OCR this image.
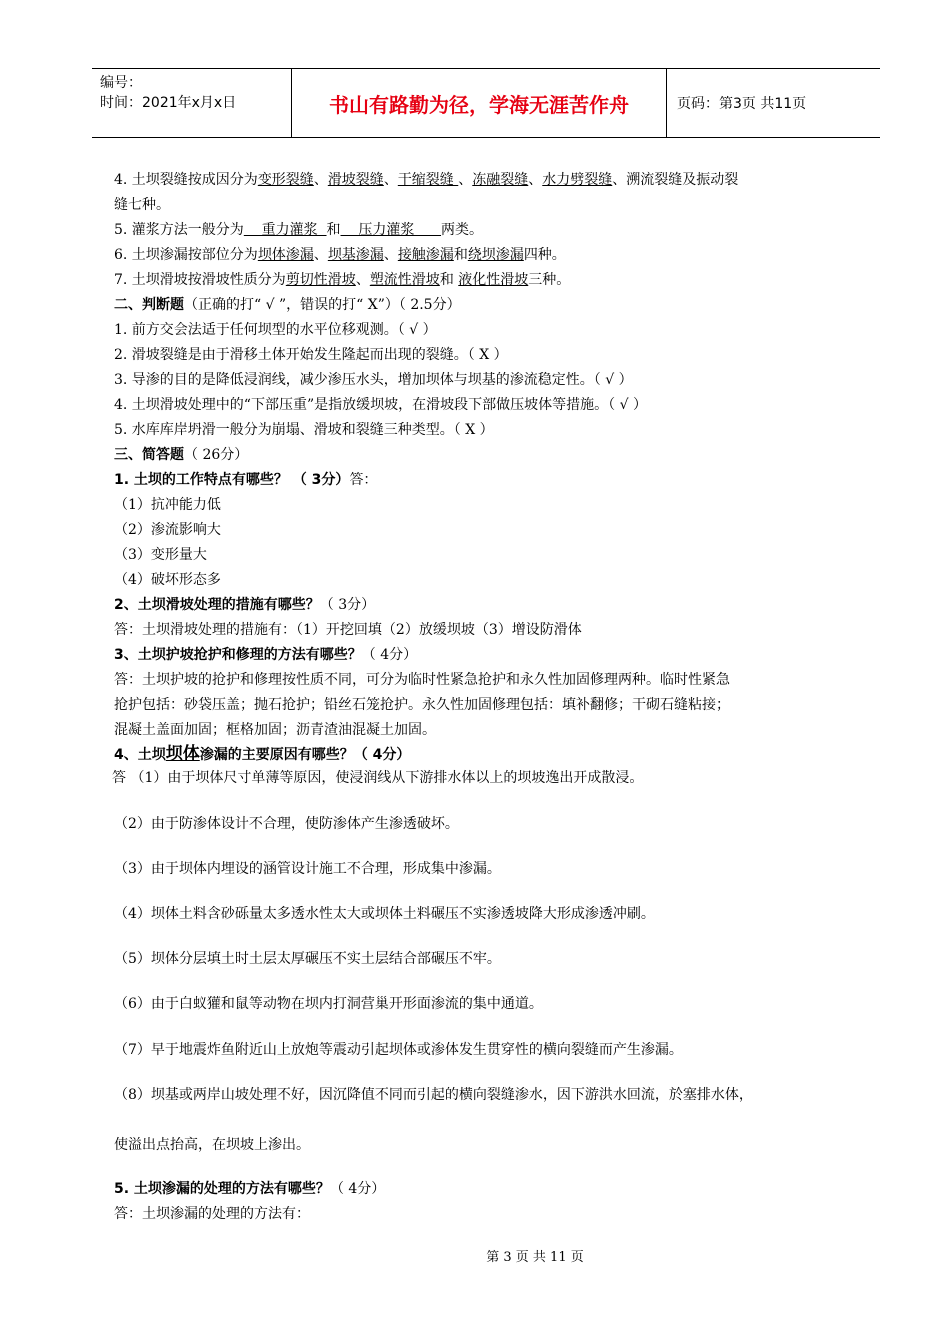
编号：
时间：2021年x月x日	书山有路勤为径，学海无涯苦作舟	页码：第3页 共11页
4. 土坝裂缝按成因分为变形裂缝、滑坡裂缝、干缩裂缝 、冻融裂缝、水力劈裂缝、溯流裂缝及振动裂
缝七种。
5. 灌浆方法一般分为    重力灌浆  和    压力灌浆      两类。
6. 土坝渗漏按部位分为坝体渗漏、坝基渗漏、接触渗漏和绕坝渗漏四种。
7. 土坝滑坡按滑坡性质分为剪切性滑坡、塑流性滑坡和 液化性滑坡三种。
二、判断题（正确的打“ √ ”，错误的打“ X”）（ 2.5分）
1. 前方交会法适于任何坝型的水平位移观测。（ √ ）
2. 滑坡裂缝是由于滑移土体开始发生隆起而出现的裂缝。（ X ）
3. 导渗的目的是降低浸润线，减少渗压水头，增加坝体与坝基的渗流稳定性。（ √ ）
4. 土坝滑坡处理中的“下部压重”是指放缓坝坡，在滑坡段下部做压坡体等措施。（ √ ）
5. 水库库岸坍滑一般分为崩塌、滑坡和裂缝三种类型。（ X ）
三、简答题（ 26分）
1. 土坝的工作特点有哪些？ （ 3分）答：
（1）抗冲能力低
（2）渗流影响大
（3）变形量大
（4）破坏形态多
2、土坝滑坡处理的措施有哪些？（ 3分）
答：土坝滑坡处理的措施有：（1）开挖回填（2）放缓坝坡（3）增设防滑体
3、土坝护坡抢护和修理的方法有哪些？（ 4分）
答：土坝护坡的抢护和修理按性质不同，可分为临时性紧急抢护和永久性加固修理两种。临时性紧急
抢护包括：砂袋压盖；抛石抢护；铅丝石笼抢护。永久性加固修理包括：填补翻修；干砌石缝粘接；
混凝土盖面加固；框格加固；沥青渣油混凝土加固。
4、土坝坝体渗漏的主要原因有哪些？（ 4分）
答 （1）由于坝体尺寸单薄等原因，使浸润线从下游排水体以上的坝坡逸出开成散浸。
（2）由于防渗体设计不合理，使防渗体产生渗透破坏。
（3）由于坝体内埋设的涵管设计施工不合理，形成集中渗漏。
（4）坝体土料含砂砾量太多透水性太大或坝体土料碾压不实渗透坡降大形成渗透冲刷。
（5）坝体分层填土时土层太厚碾压不实土层结合部碾压不牢。
（6）由于白蚁獾和鼠等动物在坝内打洞营巢开形面渗流的集中通道。
（7）早于地震炸鱼附近山上放炮等震动引起坝体或渗体发生贯穿性的横向裂缝而产生渗漏。
（8）坝基或两岸山坡处理不好，因沉降值不同而引起的横向裂缝渗水，因下游洪水回流，於塞排水体，
使溢出点抬高，在坝坡上渗出。
5. 土坝渗漏的处理的方法有哪些？（ 4分）
答：土坝渗漏的处理的方法有：
第 3 页 共 11 页
